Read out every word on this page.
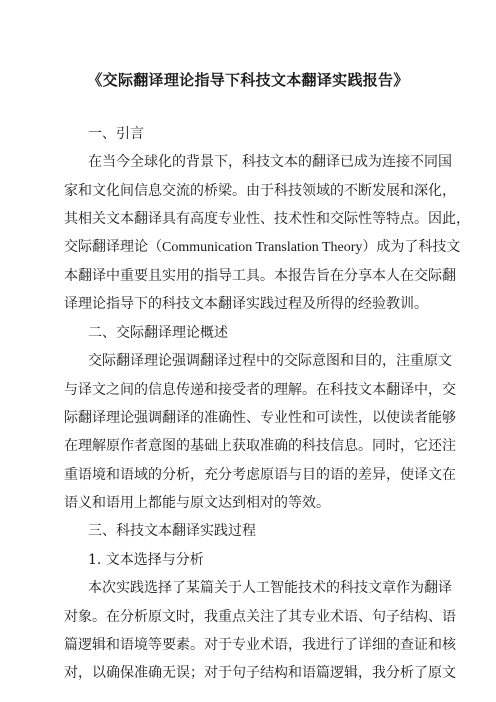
《交际翻译理论指导下科技文本翻译实践报告》
一、引言
在当今全球化的背景下，科技文本的翻译已成为连接不同国
家和文化间信息交流的桥梁。由于科技领域的不断发展和深化，
其相关文本翻译具有高度专业性、技术性和交际性等特点。因此，
交际翻译理论（Communication Translation Theory）成为了科技文
本翻译中重要且实用的指导工具。本报告旨在分享本人在交际翻
译理论指导下的科技文本翻译实践过程及所得的经验教训。
二、交际翻译理论概述
交际翻译理论强调翻译过程中的交际意图和目的，注重原文
与译文之间的信息传递和接受者的理解。在科技文本翻译中，交
际翻译理论强调翻译的准确性、专业性和可读性，以使读者能够
在理解原作者意图的基础上获取准确的科技信息。同时，它还注
重语境和语域的分析，充分考虑原语与目的语的差异，使译文在
语义和语用上都能与原文达到相对的等效。
三、科技文本翻译实践过程
1. 文本选择与分析
本次实践选择了某篇关于人工智能技术的科技文章作为翻译
对象。在分析原文时，我重点关注了其专业术语、句子结构、语
篇逻辑和语境等要素。对于专业术语，我进行了详细的查证和核
对，以确保准确无误；对于句子结构和语篇逻辑，我分析了原文
